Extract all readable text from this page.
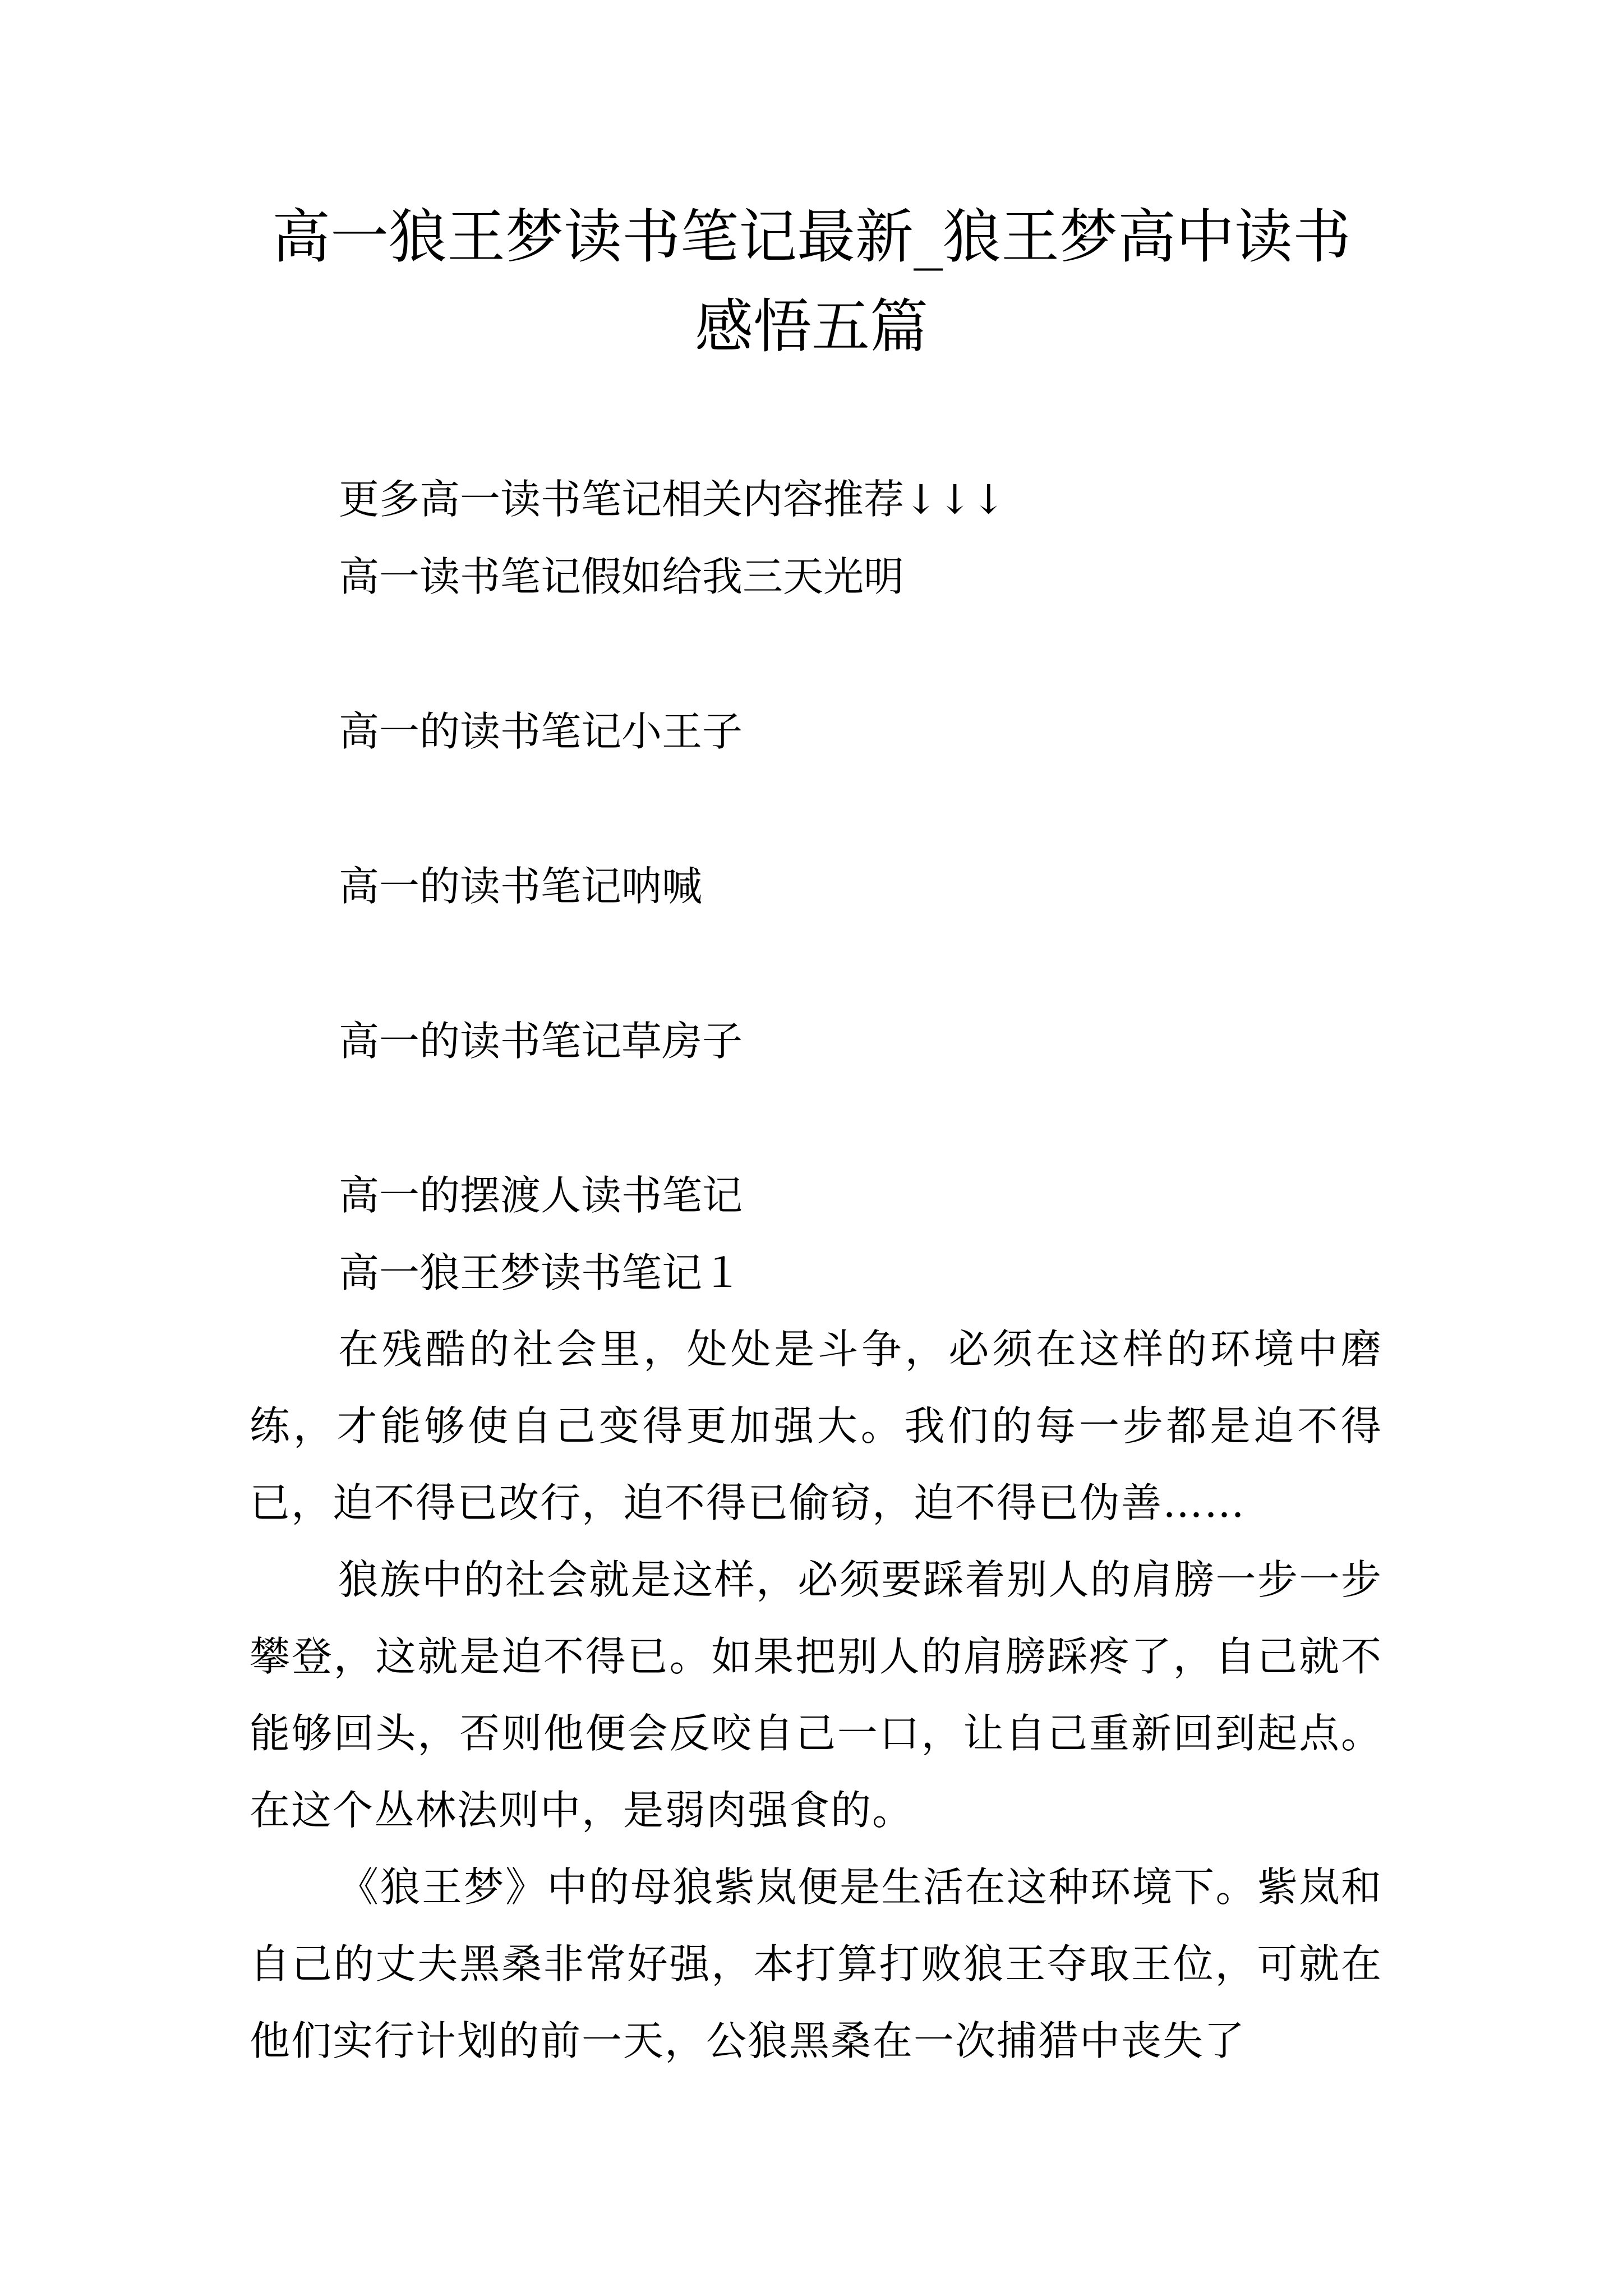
高一狼王梦读书笔记最新_狼王梦高中读书
感悟五篇

更多高一读书笔记相关内容推荐↓↓↓

高一读书笔记假如给我三天光明

高一的读书笔记小王子

高一的读书笔记呐喊

高一的读书笔记草房子

高一的摆渡人读书笔记

高一狼王梦读书笔记１

在残酷的社会里，处处是斗争，必须在这样的环境中磨练，才能够使自己变得更加强大。我们的每一步都是迫不得已，迫不得已改行，迫不得已偷窃，迫不得已伪善……

狼族中的社会就是这样，必须要踩着别人的肩膀一步一步攀登，这就是迫不得已。如果把别人的肩膀踩疼了，自己就不能够回头，否则他便会反咬自己一口，让自己重新回到起点。在这个丛林法则中，是弱肉强食的。

《狼王梦》中的母狼紫岚便是生活在这种环境下。紫岚和自己的丈夫黑桑非常好强，本打算打败狼王夺取王位，可就在他们实行计划的前一天，公狼黑桑在一次捕猎中丧失了
